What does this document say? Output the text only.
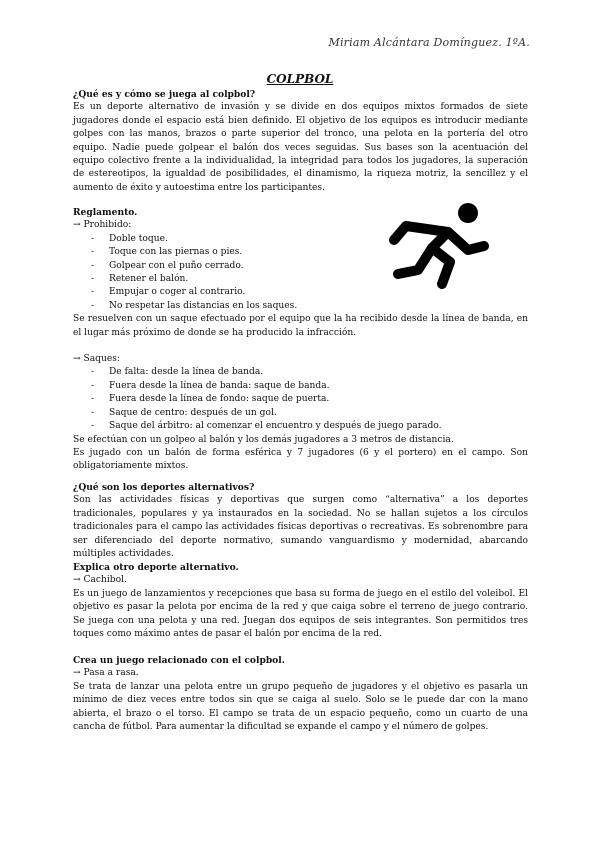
Miriam Alcántara Domínguez. 1ºA.
COLPBOL
¿Qué es y cómo se juega al colpbol?
Es un deporte alternativo de invasión y se divide en dos equipos mixtos formados de siete jugadores donde el espacio está bien definido. El objetivo de los equipos es introducir mediante golpes con las manos, brazos o parte superior del tronco, una pelota en la portería del otro equipo. Nadie puede golpear el balón dos veces seguidas. Sus bases son la acentuación del equipo colectivo frente a la individualidad, la integridad para todos los jugadores, la superación de estereotipos, la igualdad de posibilidades, el dinamismo, la riqueza motriz, la sencillez y el aumento de éxito y autoestima entre los participantes.
Reglamento.
→ Prohibido:
- Doble toque.
- Toque con las piernas o pies.
- Golpear con el puño cerrado.
- Retener el balón.
- Empujar o coger al contrario.
- No respetar las distancias en los saques.
Se resuelven con un saque efectuado por el equipo que la ha recibido desde la línea de banda, en el lugar más próximo de donde se ha producido la infracción.
→ Saques:
- De falta: desde la línea de banda.
- Fuera desde la línea de banda: saque de banda.
- Fuera desde la línea de fondo: saque de puerta.
- Saque de centro: después de un gol.
- Saque del árbitro: al comenzar el encuentro y después de juego parado.
Se efectúan con un golpeo al balón y los demás jugadores a 3 metros de distancia.
Es jugado con un balón de forma esférica y 7 jugadores (6 y el portero) en el campo. Son obligatoriamente mixtos.
¿Qué son los deportes alternativos?
Son las actividades físicas y deportivas que surgen como “alternativa” a los deportes tradicionales, populares y ya instaurados en la sociedad. No se hallan sujetos a los círculos tradicionales para el campo las actividades físicas deportivas o recreativas. Es sobrenombre para ser diferenciado del deporte normativo, sumando vanguardismo y modernidad, abarcando múltiples actividades.
Explica otro deporte alternativo.
→ Cachibol.
Es un juego de lanzamientos y recepciones que basa su forma de juego en el estilo del voleibol. El objetivo es pasar la pelota por encima de la red y que caiga sobre el terreno de juego contrario. Se juega con una pelota y una red. Juegan dos equipos de seis integrantes. Son permitidos tres toques como máximo antes de pasar el balón por encima de la red.
Crea un juego relacionado con el colpbol.
→ Pasa a rasa.
Se trata de lanzar una pelota entre un grupo pequeño de jugadores y el objetivo es pasarla un mínimo de diez veces entre todos sin que se caiga al suelo. Solo se le puede dar con la mano abierta, el brazo o el torso. El campo se trata de un espacio pequeño, como un cuarto de una cancha de fútbol. Para aumentar la dificultad se expande el campo y el número de golpes.
